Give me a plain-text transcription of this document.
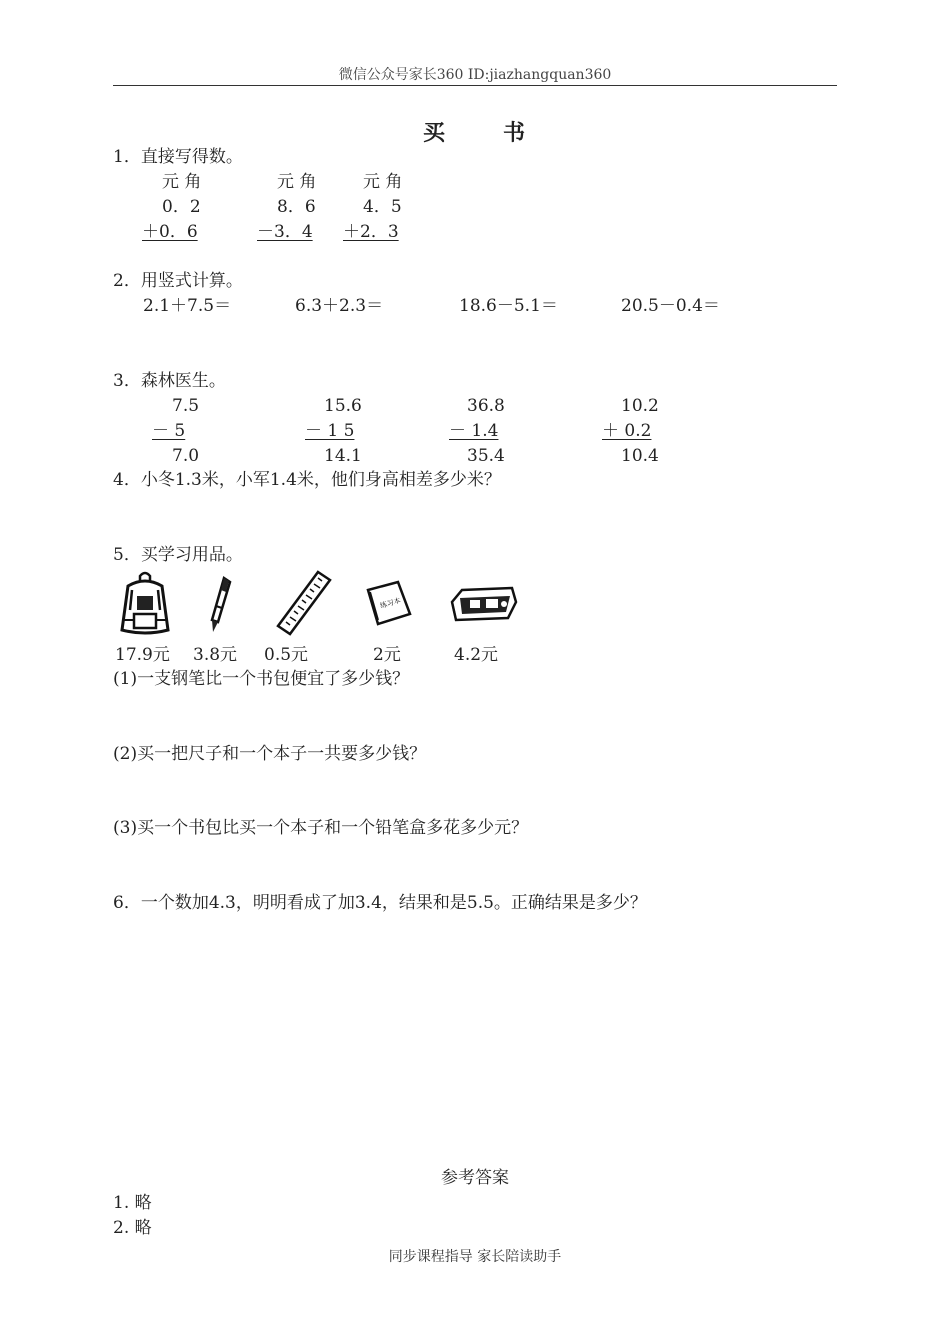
微信公众号家长360 ID:jiazhangquan360
买	书
1．直接写得数。
元 角
0．2
＋0．6
元 角
8．6
－3．4
元 角
4．5
＋2．3
2．用竖式计算。
2.1＋7.5＝	6.3＋2.3＝	18.6－5.1＝	20.5－0.4＝
3．森林医生。
7.5
－ 5
7.0
15.6
－ 1 5
14.1
36.8
－ 1.4
35.4
10.2
＋ 0.2
10.4
4．小冬1.3米，小军1.4米，他们身高相差多少米？
5．买学习用品。
练习本
17.9元 3.8元 0.5元	2元	4.2元
(1)一支钢笔比一个书包便宜了多少钱？
(2)买一把尺子和一个本子一共要多少钱？
(3)买一个书包比买一个本子和一个铅笔盒多花多少元？
6．一个数加4.3，明明看成了加3.4，结果和是5.5。正确结果是多少？
参考答案
1. 略
2. 略
同步课程指导 家长陪读助手
